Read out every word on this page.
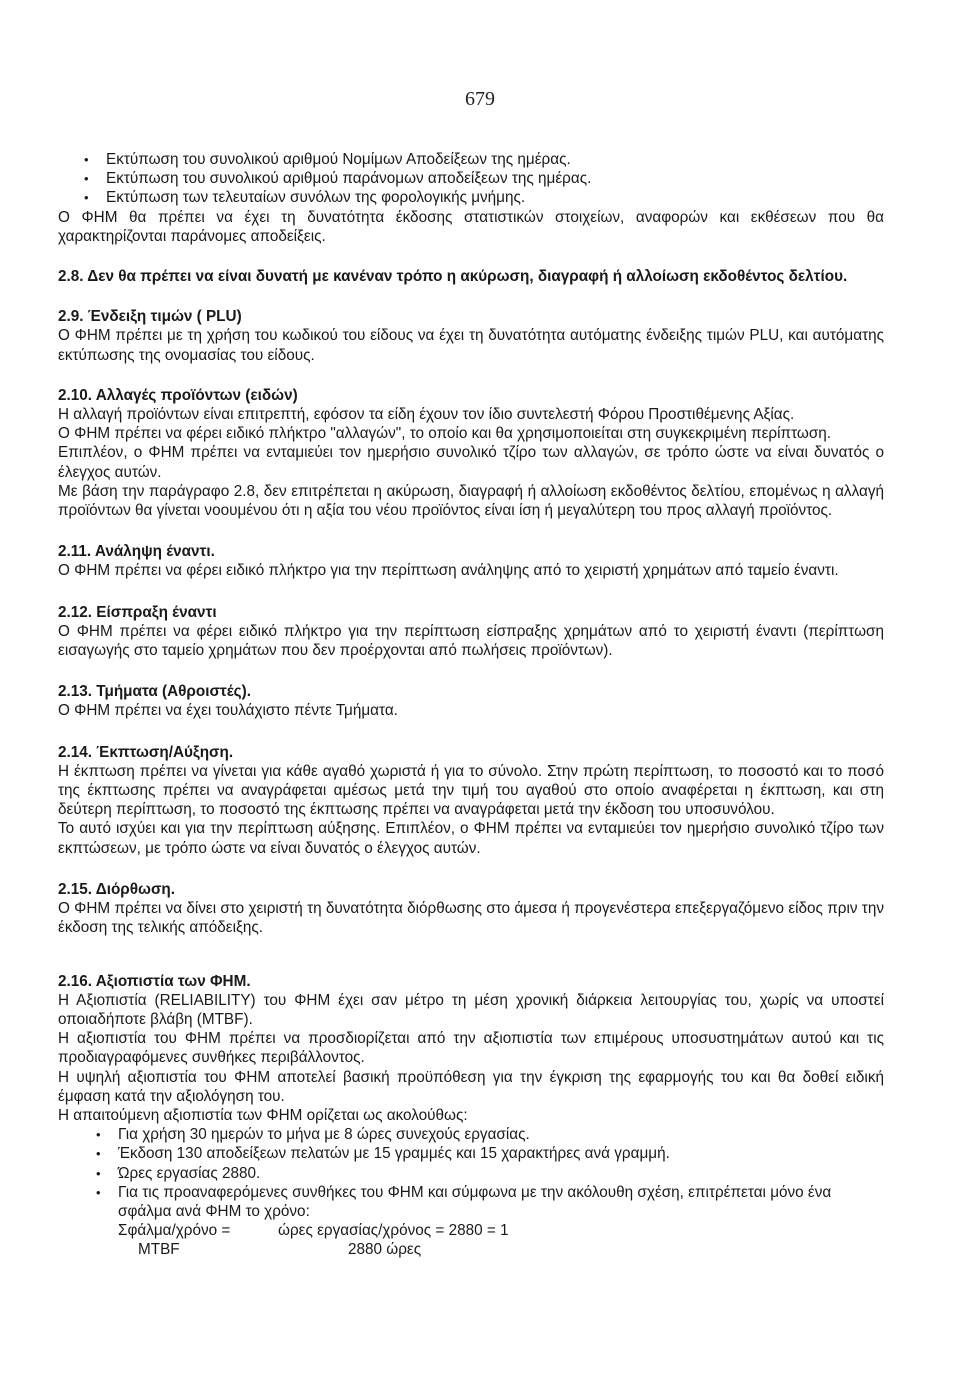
679
• Εκτύπωση του συνολικού αριθμού Νομίμων Αποδείξεων της ημέρας.
• Εκτύπωση του συνολικού αριθμού παράνομων αποδείξεων της ημέρας.
• Εκτύπωση των τελευταίων συνόλων της φορολογικής μνήμης.

Ο ΦΗΜ θα πρέπει να έχει τη δυνατότητα έκδοσης στατιστικών στοιχείων, αναφορών και εκθέσεων που θα χαρακτηρίζονται παράνομες αποδείξεις.

2.8. Δεν θα πρέπει να είναι δυνατή με κανέναν τρόπο η ακύρωση, διαγραφή ή αλλοίωση εκδοθέντος δελτίου.

2.9. Ένδειξη τιμών ( PLU)

Ο ΦΗΜ πρέπει με τη χρήση του κωδικού του είδους να έχει τη δυνατότητα αυτόματης ένδειξης τιμών PLU, και αυτόματης εκτύπωσης της ονομασίας του είδους.

2.10. Αλλαγές προϊόντων (ειδών)

Η αλλαγή προϊόντων είναι επιτρεπτή, εφόσον τα είδη έχουν τον ίδιο συντελεστή Φόρου Προστιθέμενης Αξίας.

Ο ΦΗΜ πρέπει να φέρει ειδικό πλήκτρο "αλλαγών", το οποίο και θα χρησιμοποιείται στη συγκεκριμένη περίπτωση.

Επιπλέον, ο ΦΗΜ πρέπει να ενταμιεύει τον ημερήσιο συνολικό τζίρο των αλλαγών, σε τρόπο ώστε να είναι δυνατός ο έλεγχος αυτών.

Με βάση την παράγραφο 2.8, δεν επιτρέπεται η ακύρωση, διαγραφή ή αλλοίωση εκδοθέντος δελτίου, επομένως η αλλαγή προϊόντων θα γίνεται νοουμένου ότι η αξία του νέου προϊόντος είναι ίση ή μεγαλύτερη του προς αλλαγή προϊόντος.

2.11. Ανάληψη έναντι.

Ο ΦΗΜ πρέπει να φέρει ειδικό πλήκτρο για την περίπτωση ανάληψης από το χειριστή χρημάτων από ταμείο έναντι.

2.12. Είσπραξη έναντι

Ο ΦΗΜ πρέπει να φέρει ειδικό πλήκτρο για την περίπτωση είσπραξης χρημάτων από το χειριστή έναντι (περίπτωση εισαγωγής στο ταμείο χρημάτων που δεν προέρχονται από πωλήσεις προϊόντων).

2.13. Τμήματα (Αθροιστές).

Ο ΦΗΜ πρέπει να έχει τουλάχιστο πέντε Τμήματα.

2.14. Έκπτωση/Αύξηση.

Η έκπτωση πρέπει να γίνεται για κάθε αγαθό χωριστά ή για το σύνολο. Στην πρώτη περίπτωση, το ποσοστό και το ποσό της έκπτωσης πρέπει να αναγράφεται αμέσως μετά την τιμή του αγαθού στο οποίο αναφέρεται η έκπτωση, και στη δεύτερη περίπτωση, το ποσοστό της έκπτωσης πρέπει να αναγράφεται μετά την έκδοση του υποσυνόλου.

Το αυτό ισχύει και για την περίπτωση αύξησης. Επιπλέον, ο ΦΗΜ πρέπει να ενταμιεύει τον ημερήσιο συνολικό τζίρο των εκπτώσεων, με τρόπο ώστε να είναι δυνατός ο έλεγχος αυτών.

2.15. Διόρθωση.

Ο ΦΗΜ πρέπει να δίνει στο χειριστή τη δυνατότητα διόρθωσης στο άμεσα ή προγενέστερα επεξεργαζόμενο είδος πριν την έκδοση της τελικής απόδειξης.

2.16. Αξιοπιστία των ΦΗΜ.

Η Αξιοπιστία (RELIABILITY) του ΦΗΜ έχει σαν μέτρο τη μέση χρονική διάρκεια λειτουργίας του, χωρίς να υποστεί οποιαδήποτε βλάβη (MTBF).

Η αξιοπιστία του ΦΗΜ πρέπει να προσδιορίζεται από την αξιοπιστία των επιμέρους υποσυστημάτων αυτού και τις προδιαγραφόμενες συνθήκες περιβάλλοντος.

Η υψηλή αξιοπιστία του ΦΗΜ αποτελεί βασική προϋπόθεση για την έγκριση της εφαρμογής του και θα δοθεί ειδική έμφαση κατά την αξιολόγηση του.

Η απαιτούμενη αξιοπιστία των ΦΗΜ ορίζεται ως ακολούθως:

• Για χρήση 30 ημερών το μήνα με 8 ώρες συνεχούς εργασίας.
• Έκδοση 130 αποδείξεων πελατών με 15 γραμμές και 15 χαρακτήρες ανά γραμμή.
• Ώρες εργασίας 2880.
• Για τις προαναφερόμενες συνθήκες του ΦΗΜ και σύμφωνα με την ακόλουθη σχέση, επιτρέπεται μόνο ένα σφάλμα ανά ΦΗΜ το χρόνο:
Σφάλμα/χρόνο =	ώρες εργασίας/χρόνος = 2880 = 1
MTBF	2880 ώρες
